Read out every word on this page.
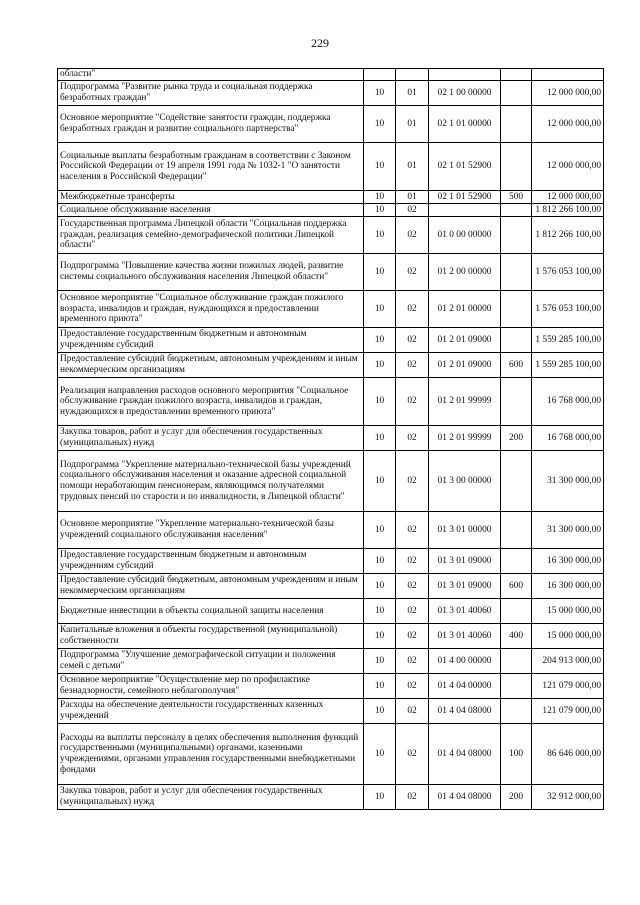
229
области"					
Подпрограмма "Развитие рынка труда и социальная поддержка безработных граждан"	10	01	02 1 00 00000		12 000 000,00
Основное мероприятие "Содействие занятости граждан, поддержка безработных граждан и развитие социального партнерства"	10	01	02 1 01 00000		12 000 000,00
Социальные выплаты безработным гражданам в соответствии с Законом Российской Федерации от 19 апреля 1991 года № 1032-1 "О занятости населения в Российской Федерации"	10	01	02 1 01 52900		12 000 000,00
Межбюджетные трансферты	10	01	02 1 01 52900	500	12 000 000,00
Социальное обслуживание населения	10	02			1 812 266 100,00
Государственная программа Липецкой области "Социальная поддержка граждан, реализация семейно-демографической политики Липецкой области"	10	02	01 0 00 00000		1 812 266 100,00
Подпрограмма "Повышение качества жизни пожилых людей, развитие системы социального обслуживания населения Липецкой области"	10	02	01 2 00 00000		1 576 053 100,00
Основное мероприятие "Социальное обслуживание граждан пожилого возраста, инвалидов и граждан, нуждающихся в предоставлении временного приюта"	10	02	01 2 01 00000		1 576 053 100,00
Предоставление государственным бюджетным и автономным учреждениям субсидий	10	02	01 2 01 09000		1 559 285 100,00
Предоставление субсидий бюджетным, автономным учреждениям и иным некоммерческим организациям	10	02	01 2 01 09000	600	1 559 285 100,00
Реализация направления расходов основного мероприятия "Социальное обслуживание граждан пожилого возраста, инвалидов и граждан, нуждающихся в предоставлении временного приюта"	10	02	01 2 01 99999		16 768 000,00
Закупка товаров, работ и услуг для обеспечения государственных (муниципальных) нужд	10	02	01 2 01 99999	200	16 768 000,00
Подпрограмма "Укрепление материально-технической базы учреждений социального обслуживания населения и оказание адресной социальной помощи неработающим пенсионерам, являющимся получателями трудовых пенсий по старости и по инвалидности, в Липецкой области"	10	02	01 3 00 00000		31 300 000,00
Основное мероприятие "Укрепление материально-технической базы учреждений социального обслуживания населения"	10	02	01 3 01 00000		31 300 000,00
Предоставление государственным бюджетным и автономным учреждениям субсидий	10	02	01 3 01 09000		16 300 000,00
Предоставление субсидий бюджетным, автономным учреждениям и иным некоммерческим организациям	10	02	01 3 01 09000	600	16 300 000,00
Бюджетные инвестиции в объекты социальной защиты населения	10	02	01 3 01 40060		15 000 000,00
Капитальные вложения в объекты государственной (муниципальной) собственности	10	02	01 3 01 40060	400	15 000 000,00
Подпрограмма "Улучшение демографической ситуации и положения семей с детьми"	10	02	01 4 00 00000		204 913 000,00
Основное мероприятие "Осуществление мер по профилактике безнадзорности, семейного неблагополучия"	10	02	01 4 04 00000		121 079 000,00
Расходы на обеспечение деятельности государственных казенных учреждений	10	02	01 4 04 08000		121 079 000,00
Расходы на выплаты персоналу в целях обеспечения выполнения функций государственными (муниципальными) органами, казенными учреждениями, органами управления государственными внебюджетными фондами	10	02	01 4 04 08000	100	86 646 000,00
Закупка товаров, работ и услуг для обеспечения государственных (муниципальных) нужд	10	02	01 4 04 08000	200	32 912 000,00
